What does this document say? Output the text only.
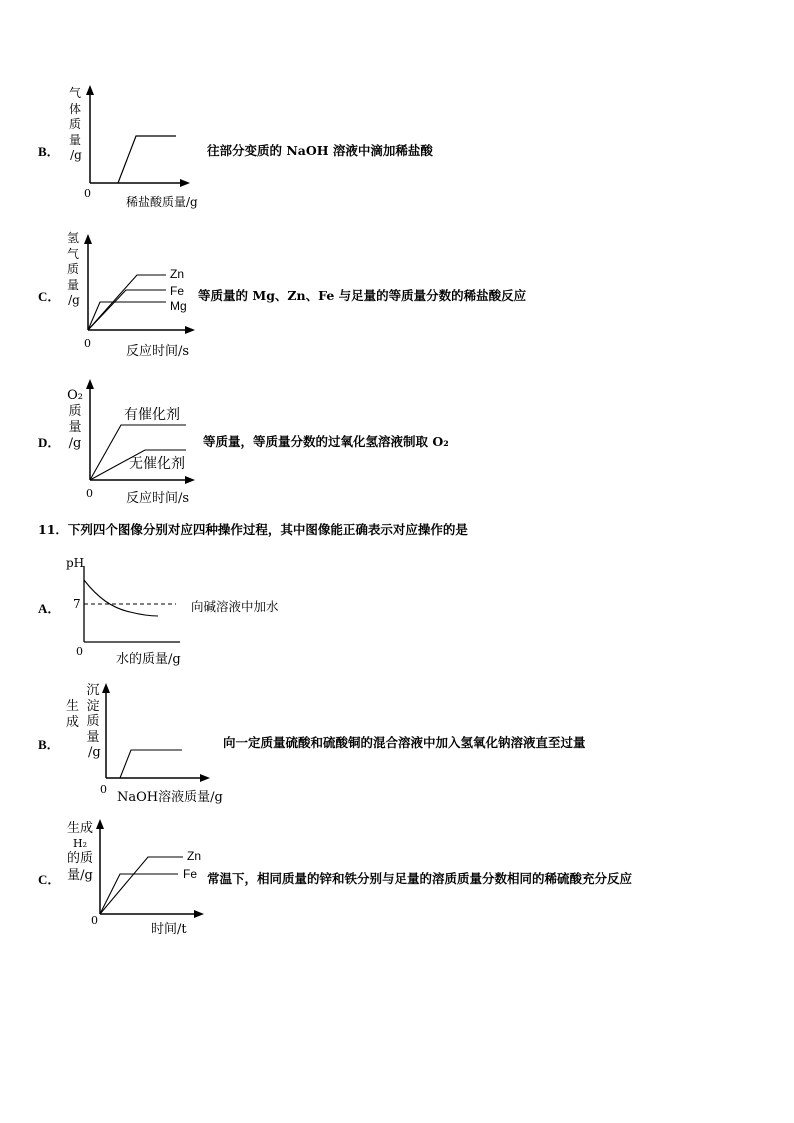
B．
气
体
质
量
/g
0
稀盐酸质量/g
往部分变质的 NaOH 溶液中滴加稀盐酸
C．
氢
气
质
量
/g
Zn
Fe
Mg
0
反应时间/s
等质量的 Mg、Zn、Fe 与足量的等质量分数的稀盐酸反应
D．
O₂
质
量
/g
有催化剂
无催化剂
0	反应时间/s
等质量，等质量分数的过氧化氢溶液制取 O₂
11．下列四个图像分别对应四种操作过程，其中图像能正确表示对应操作的是
A．
pH
7
0
水的质量/g
向碱溶液中加水
B．
生
成
沉
淀
质
量
/g
0
NaOH溶液质量/g
向一定质量硫酸和硫酸铜的混合溶液中加入氢氧化钠溶液直至过量
C．
生成
H₂
的质
量/g
Zn
Fe
0
时间/t
常温下，相同质量的锌和铁分别与足量的溶质质量分数相同的稀硫酸充分反应
